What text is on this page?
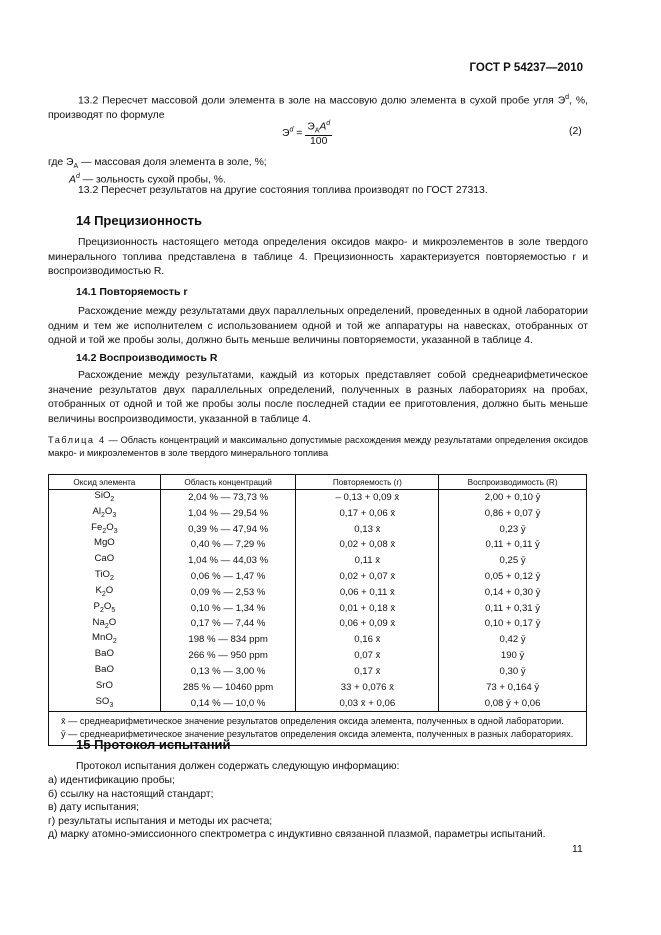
ГОСТ Р 54237—2010
13.2 Пересчет массовой доли элемента в золе на массовую долю элемента в сухой пробе угля $Э^d$, %, производят по формуле
$Э^d = \frac{Э_AA^d}{100}$	(2)
где $Э_A$ — массовая доля элемента в золе, %;
$A^d$ — зольность сухой пробы, %.
13.2 Пересчет результатов на другие состояния топлива производят по ГОСТ 27313.
14 Прецизионность
Прецизионность настоящего метода определения оксидов макро- и микроэлементов в золе твердого минерального топлива представлена в таблице 4. Прецизионность характеризуется повторяемостью r и воспроизводимостью R.
14.1 Повторяемость r
Расхождение между результатами двух параллельных определений, проведенных в одной лаборатории одним и тем же исполнителем с использованием одной и той же аппаратуры на навесках, отобранных от одной и той же пробы золы, должно быть меньше величины повторяемости, указанной в таблице 4.
14.2 Воспроизводимость R
Расхождение между результатами, каждый из которых представляет собой среднеарифметическое значение результатов двух параллельных определений, полученных в разных лабораториях на пробах, отобранных от одной и той же пробы золы после последней стадии ее приготовления, должно быть меньше величины воспроизводимости, указанной в таблице 4.
Таблица 4 — Область концентраций и максимально допустимые расхождения между результатами определения оксидов макро- и микроэлементов в золе твердого минерального топлива
Оксид элемента	Область концентраций	Повторяемость (r)	Воспроизводимость (R)
SiO$_2$	2,04 % — 73,73 %	– 0,13 + 0,09 x̄	2,00 + 0,10 ȳ
$Al_2O_3$	1,04 % — 29,54 %	0,17 + 0,06 x̄	0,86 + 0,07 ȳ
$Fe_2O_3$	0,39 % — 47,94 %	0,13 x̄	0,23 ȳ
MgO	0,40 % — 7,29 %	0,02 + 0,08 x̄	0,11 + 0,11 ȳ
CaO	1,04 % — 44,03 %	0,11 x̄	0,25 ȳ
TiO$_2$	0,06 % — 1,47 %	0,02 + 0,07 x̄	0,05 + 0,12 ȳ
$K_2O$	0,09 % — 2,53 %	0,06 + 0,11 x̄	0,14 + 0,30 ȳ
$P_2O_5$	0,10 % — 1,34 %	0,01 + 0,18 x̄	0,11 + 0,31 ȳ
$Na_2O$	0,17 % — 7,44 %	0,06 + 0,09 x̄	0,10 + 0,17 ȳ
MnO$_2$	198 % — 834 ppm	0,16 x̄	0,42 ȳ
BaO	266 % — 950 ppm	0,07 x̄	190 ȳ
BaO	0,13 % — 3,00 %	0,17 x̄	0,30 ȳ
SrO	285 % — 10460 ppm	33 + 0,076 x̄	73 + 0,164 ȳ
$SO_3$	0,14 % — 10,0 %	0,03 x̄ + 0,06	0,08 ȳ + 0,06

x̄ — среднеарифметическое значение результатов определения оксида элемента, полученных в одной лаборатории.
ȳ — среднеарифметическое значение результатов определения оксида элемента, полученных в разных лабораториях.			
15 Протокол испытаний
Протокол испытания должен содержать следующую информацию:
а) идентификацию пробы;
б) ссылку на настоящий стандарт;
в) дату испытания;
г) результаты испытания и методы их расчета;
д) марку атомно-эмиссионного спектрометра с индуктивно связанной плазмой, параметры испытаний.
11
